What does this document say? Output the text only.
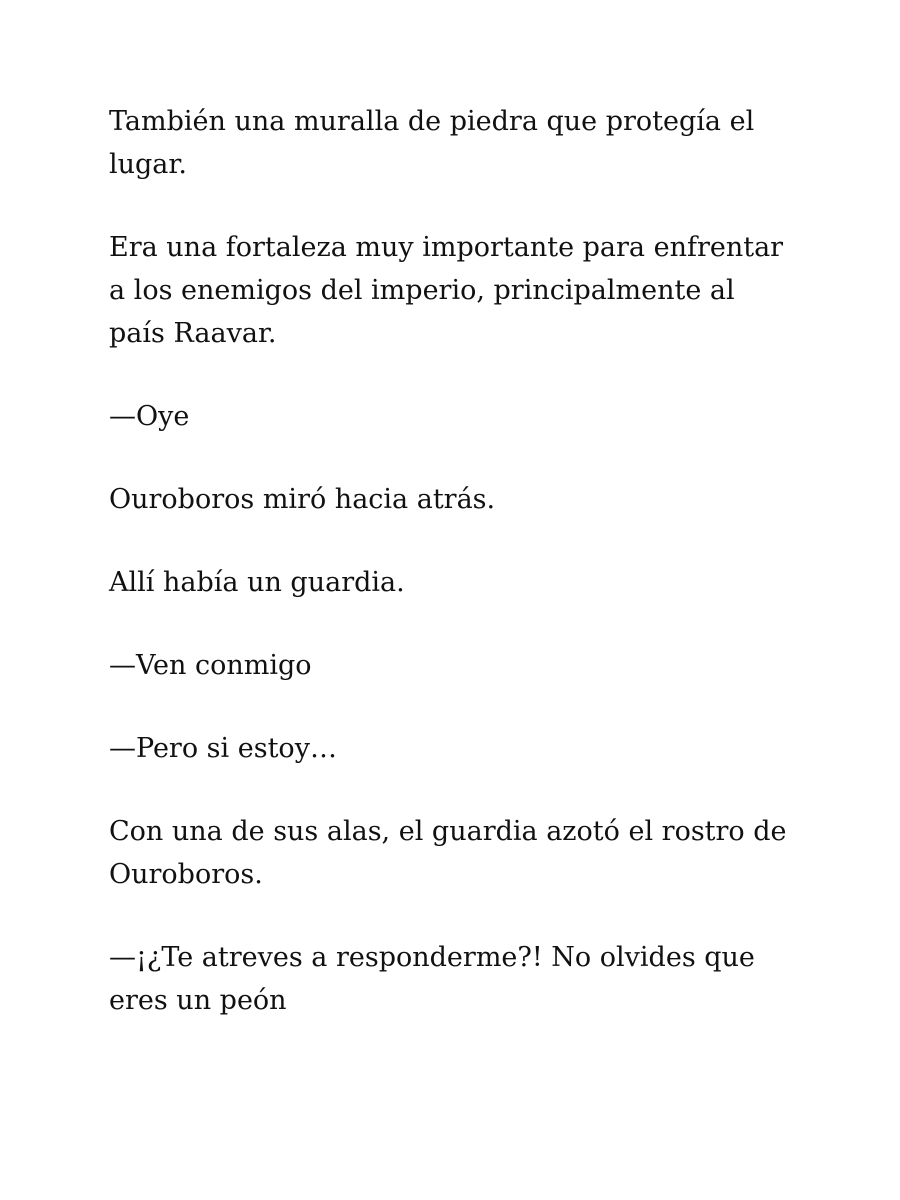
También una muralla de piedra que protegía el lugar.

Era una fortaleza muy importante para enfrentar a los enemigos del imperio, principalmente al país Raavar.

—Oye

Ouroboros miró hacia atrás.

Allí había un guardia.

—Ven conmigo

—Pero si estoy…

Con una de sus alas, el guardia azotó el rostro de Ouroboros.

—¡¿Te atreves a responderme?! No olvides que eres un peón
